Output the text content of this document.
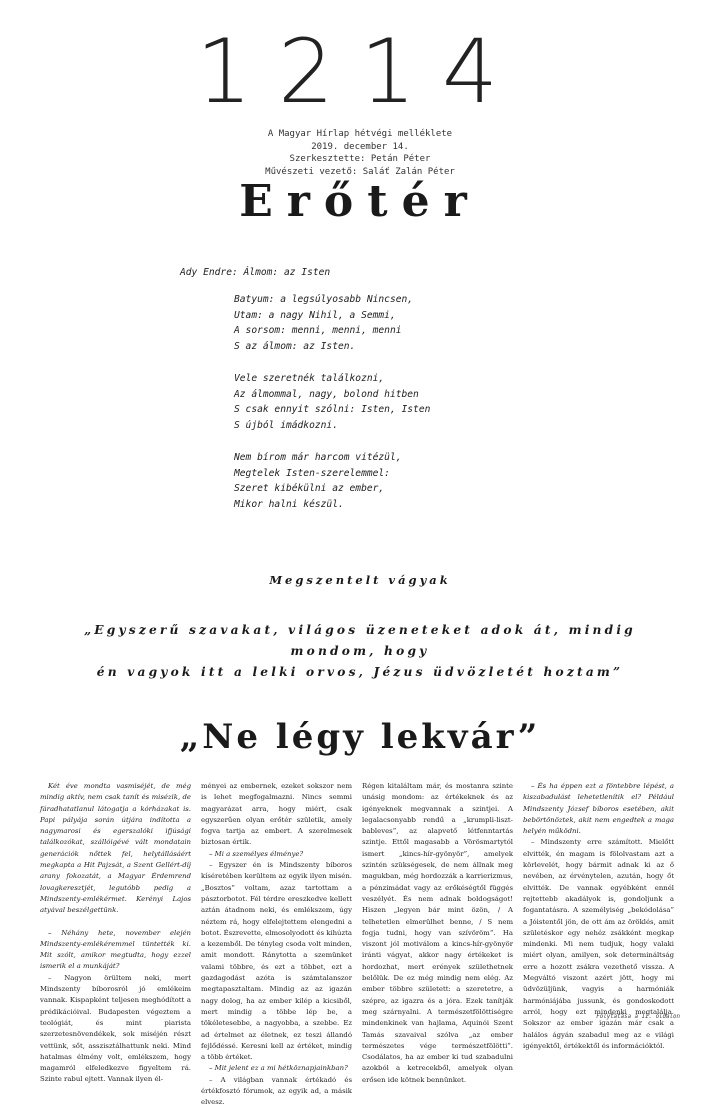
1214
A Magyar Hírlap hétvégi melléklete
2019. december 14.
Szerkesztette: Petán Péter
Művészeti vezető: Saláť Zalán Péter
Erőtér
Ady Endre: Álmom: az Isten
Batyum: a legsúlyosabb Nincsen,
Utam: a nagy Nihil, a Semmi,
A sorsom: menni, menni, menni
S az álmom: az Isten.
Vele szeretnék találkozni,
Az álmommal, nagy, bolond hitben
S csak ennyit szólni: Isten, Isten
S újból imádkozni.
Nem bírom már harcom vitézül,
Megtelek Isten-szerelemmel:
Szeret kibékülni az ember,
Mikor halni készül.
Megszentelt vágyak
„Egyszerű szavakat, világos üzeneteket adok át, mindig mondom, hogy
én vagyok itt a lelki orvos, Jézus üdvözletét hoztam”
„Ne légy lekvár”

Két éve mondta vasmiséjét, de még mindig aktív, nem csak tanít és misézik, de fáradhatatlanul látogatja a kórházakat is. Papi pályája során útjára indította a nagymarosi és egerszalóki ifjúsági találkozókat, szállóigévé vált mondatain generációk nőttek fel, helytállásáért megkapta a Hit Pajzsát, a Szent Gellért-díj arany fokozatát, a Magyar Érdemrend lovagkeresztjét, legutóbb pedig a Mindszenty-emlékérmet. Kerényi Lajos atyával beszélgettünk.

– Néhány hete, november elején Mindszenty-emlékéremmel tüntették ki. Mit szólt, amikor megtudta, hogy ezzel ismerik el a munkáját?

– Nagyon örültem neki, mert Mindszenty bíborosról jó emlékeim vannak. Kispapként teljesen meghódított a prédikációival. Budapesten végeztem a teológiát, és mint piarista szerzetesnövendékek, sok miséjén részt vettünk, sőt, asszisztálhattunk neki. Mind hatalmas élmény volt, emlékszem, hogy magamról elfeledkezve figyeltem rá. Szinte rabul ejtett. Vannak ilyen él-

ményei az embernek, ezeket sokszor nem is lehet megfogalmazni. Nincs semmi magyarázat arra, hogy miért, csak egyszerűen olyan erőtér születik, amely fogva tartja az embert. A szerelmesek biztosan értik.

– Mi a személyes élménye?

– Egyszer én is Mindszenty bíboros kíséretében kerültem az egyik ilyen misén. „Bosztos” voltam, azaz tartottam a pásztorbotot. Fél térdre ereszkedve kellett aztán átadnom neki, és emlékszem, úgy néztem rá, hogy elfelejtettem elengedni a botot. Észrevette, elmosolyodott és kihúzta a kezemből. De tényleg csoda volt minden, amit mondott. Ránytotta a szemünket valami többre, és ezt a többet, ezt a gazdagodást azóta is számtalanszor megtapasztaltam. Mindig az az igazán nagy dolog, ha az ember kilép a kicsiből, mert mindig a többe lép be, a tökéletesebbe, a nagyobba, a szebbe. Ez ad értelmet az életnek, ez teszi állandó fejlődéssé. Keresni kell az értéket, mindig a több értéket.

– Mit jelent ez a mi hétköznapjainkban?

– A világban vannak értékadó és értékfosztó fórumok, az egyik ad, a másik elvesz.

Régen kitaláltam már, és mostanra szinte unásig mondom: az értékeknek és az igényeknek megvannak a szintjei. A legalacsonyabb rendű a „krumpli-liszt-bableves”, az alapvető létfenntartás szintje. Ettől magasabb a Vörösmartytól ismert „kincs-hír-gyönyör”, amelyek szintén szükségesek, de nem állnak meg magukban, még hordozzák a karrierizmus, a pénzimádat vagy az erőkéségtől függés veszélyét. És nem adnak boldogságot! Hiszen „legyen bár mint özön, / A telhetetlen elmerülhet benne, / S nem fogja tudni, hogy van szívöröm”. Ha viszont jól motiválom a kincs-hír-gyönyör iránti vágyat, akkor nagy értékeket is hordozhat, mert erények születhetnek belőlük. De ez még mindig nem elég. Az ember többre született: a szeretetre, a szépre, az igazra és a jóra. Ezek tanítják meg szárnyalni. A természetfölöttiségre mindenkinek van hajlama, Aquinói Szent Tamás szavaival szólva „az ember természetes vége természetfölötti”. Csodálatos, ha az ember ki tud szabadulni azokból a ketrecekből, amelyek olyan erősen ide kötnek bennünket.

– És ha éppen ezt a föntebbre lépést, a kiszabadulást lehetetlenítik el? Például Mindszenty József bíboros esetében, akit bebörtönöztek, akit nem engedtek a maga helyén működni.

– Mindszenty erre számított. Mielőtt elvitték, én magam is fölolvastam azt a körlevelét, hogy bármit adnak ki az ő nevében, az érvénytelen, azután, hogy őt elvitték. De vannak egyébként ennél rejtettebb akadályok is, gondoljunk a fogantatásra. A személyiség „bekódolása” a Jóistentől jön, de ott ám az öröklés, amit születéskor egy nehéz zsákként megkap mindenki. Mi nem tudjuk, hogy valaki miért olyan, amilyen, sok determináltság erre a hozott zsákra vezethető vissza. A Megváltó viszont azért jött, hogy mi üdvözüljünk, vagyis a harmóniák harmóniájába jussunk, és gondoskodott arról, hogy ezt mindenki megtalálja. Sokszor az ember igazán már csak a halálos ágyán szabadul meg az e világi igényektől, értékektől és információktól.

Folytatása a II. oldalon
